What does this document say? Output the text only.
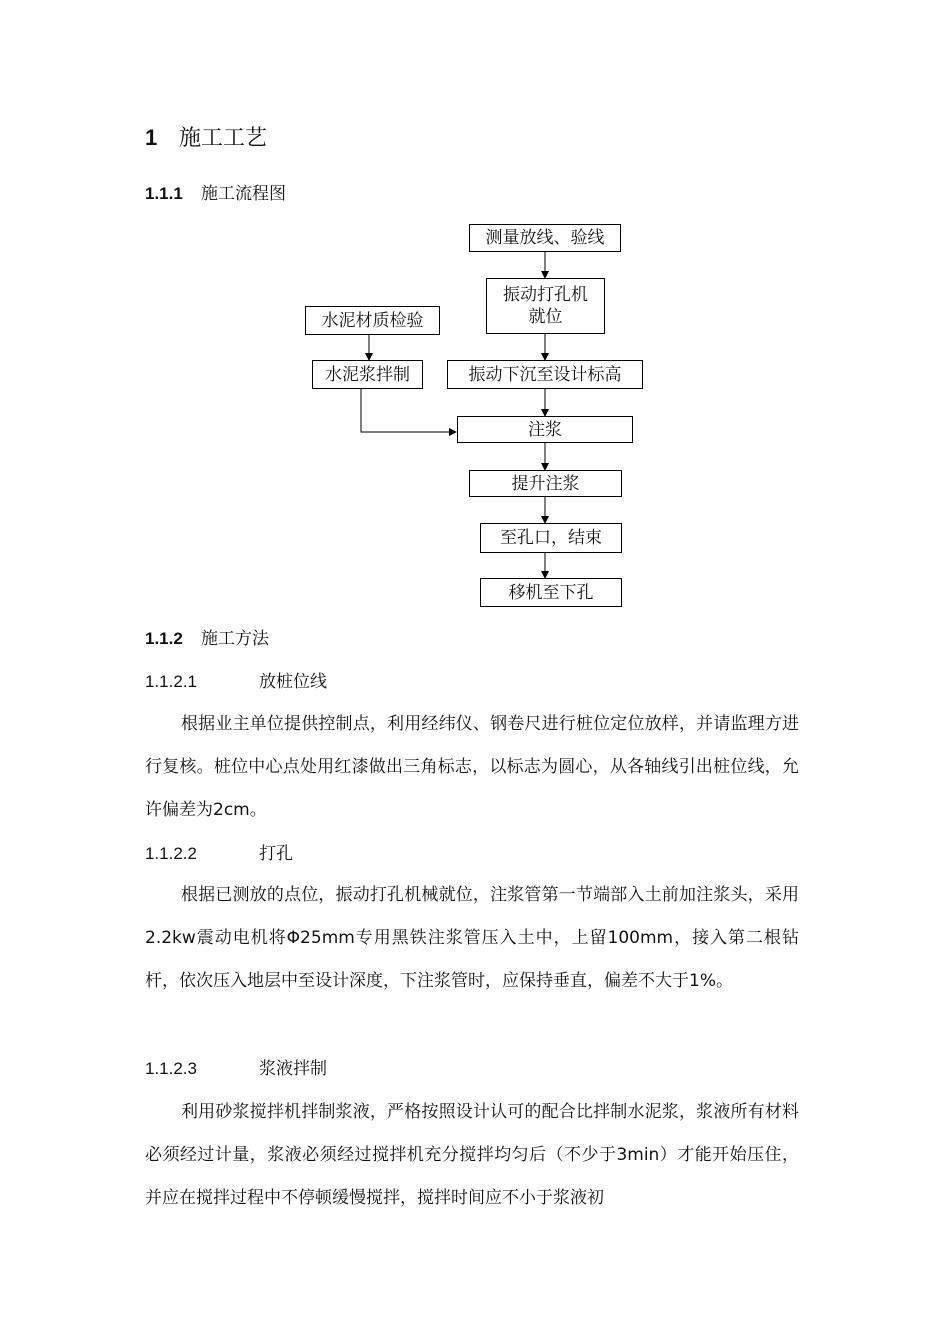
1 施工工艺
1.1.1 施工流程图
测量放线、验线
振动打孔机就位
水泥材质检验
水泥浆拌制	振动下沉至设计标高
注浆
提升注浆
至孔口，结束
移机至下孔
1.1.2 施工方法
1.1.2.1	放桩位线

根据业主单位提供控制点，利用经纬仪、钢卷尺进行桩位定位放样，并请监理方进行复核。桩位中心点处用红漆做出三角标志，以标志为圆心，从各轴线引出桩位线，允许偏差为2cm。

1.1.2.2	打孔

根据已测放的点位，振动打孔机械就位，注浆管第一节端部入土前加注浆头，采用2.2kw震动电机将Φ25mm专用黑铁注浆管压入土中，上留100mm，接入第二根钻杆，依次压入地层中至设计深度，下注浆管时，应保持垂直，偏差不大于1%。

1.1.2.3	浆液拌制

利用砂浆搅拌机拌制浆液，严格按照设计认可的配合比拌制水泥浆，浆液所有材料必须经过计量，浆液必须经过搅拌机充分搅拌均匀后（不少于3min）才能开始压住，并应在搅拌过程中不停顿缓慢搅拌，搅拌时间应不小于浆液初
